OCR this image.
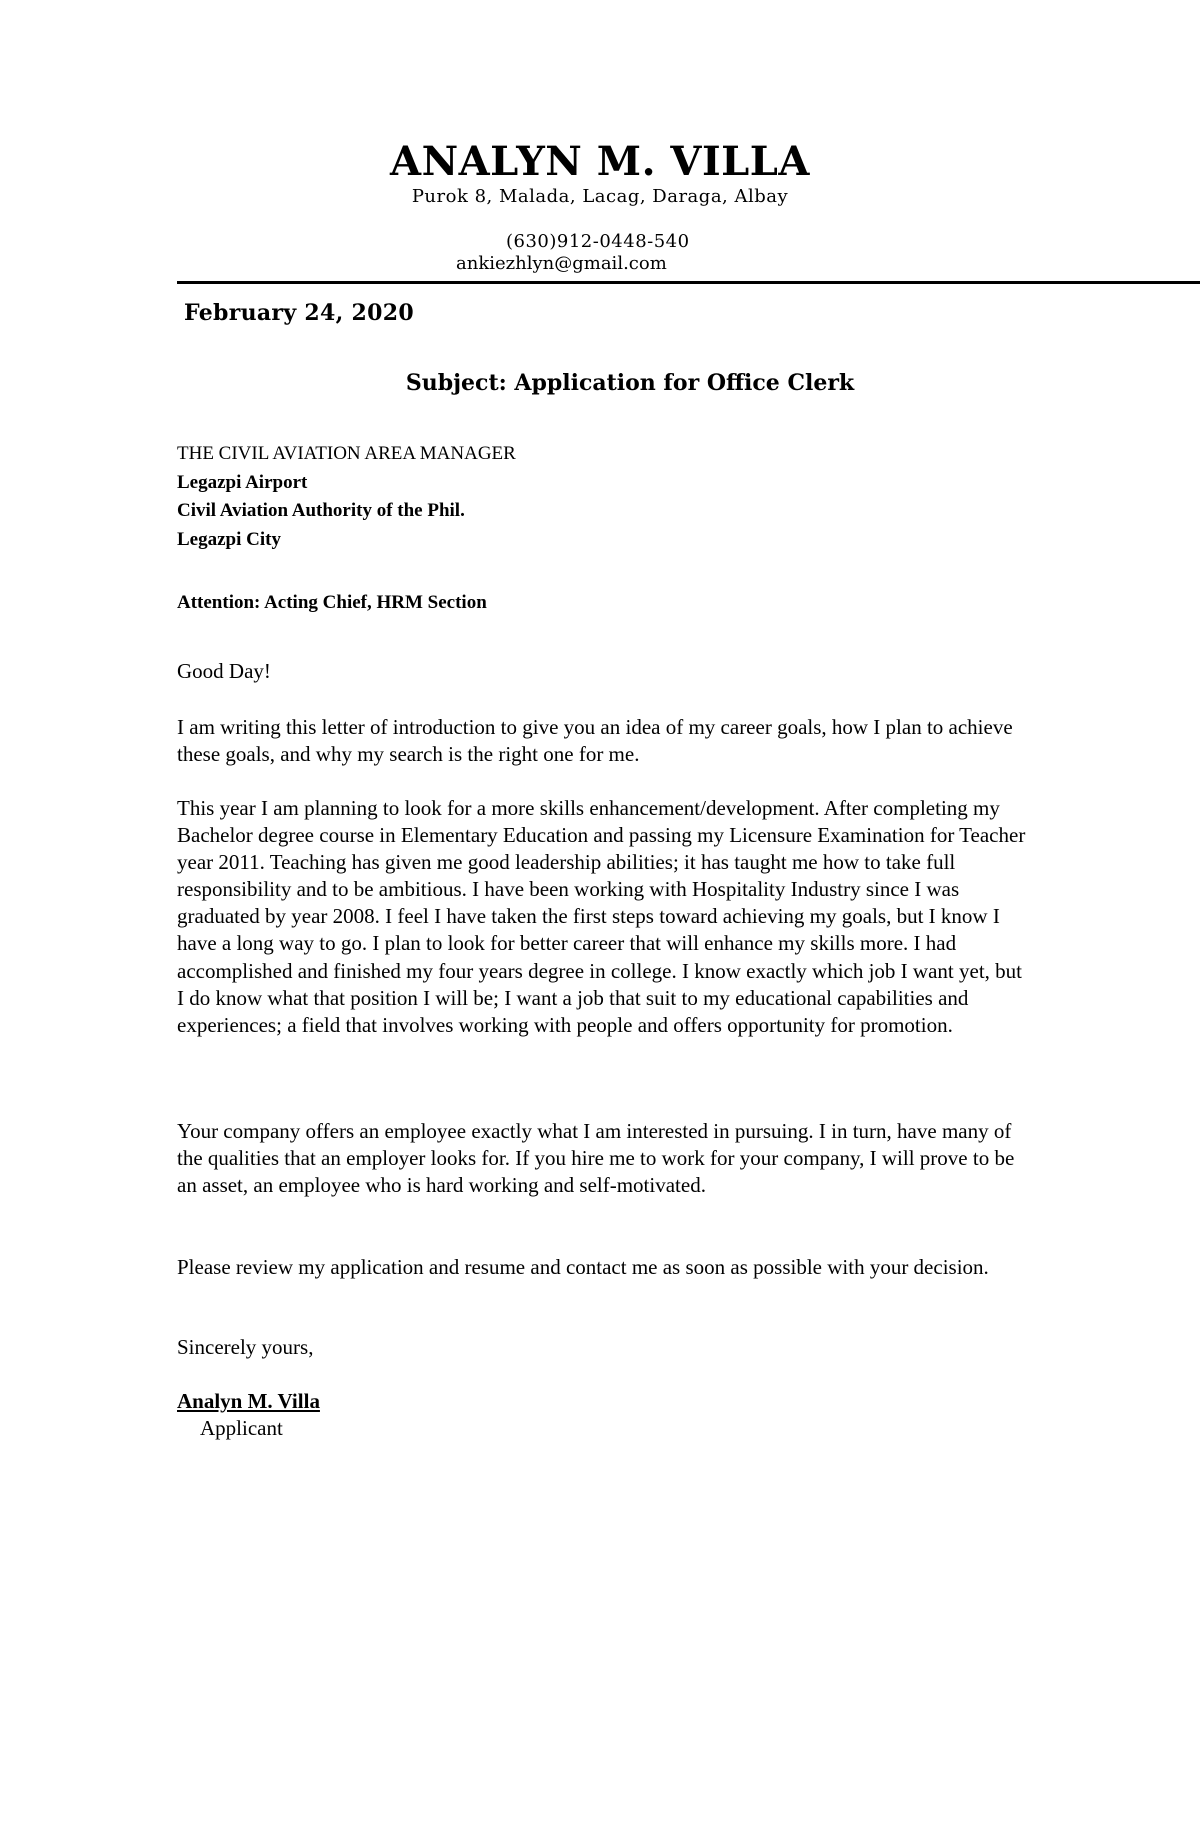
ANALYN M. VILLA
Purok 8, Malada, Lacag, Daraga, Albay
(630)912-0448-540
ankiezhlyn@gmail.com
February 24, 2020
Subject: Application for Office Clerk
THE CIVIL AVIATION AREA MANAGER
Legazpi Airport
Civil Aviation Authority of the Phil.
Legazpi City
Attention: Acting Chief, HRM Section
Good Day!
I am writing this letter of introduction to give you an idea of my career goals, how I plan to achieve these goals, and why my search is the right one for me.
This year I am planning to look for a more skills enhancement/development. After completing my Bachelor degree course in Elementary Education and passing my Licensure Examination for Teacher year 2011. Teaching has given me good leadership abilities; it has taught me how to take full responsibility and to be ambitious. I have been working with Hospitality Industry since I was graduated by year 2008. I feel I have taken the first steps toward achieving my goals, but I know I have a long way to go. I plan to look for better career that will enhance my skills more. I had accomplished and finished my four years degree in college. I know exactly which job I want yet, but I do know what that position I will be; I want a job that suit to my educational capabilities and experiences; a field that involves working with people and offers opportunity for promotion.
Your company offers an employee exactly what I am interested in pursuing. I in turn, have many of the qualities that an employer looks for. If you hire me to work for your company, I will prove to be an asset, an employee who is hard working and self-motivated.
Please review my application and resume and contact me as soon as possible with your decision.
Sincerely yours,
Analyn M. Villa
Applicant
